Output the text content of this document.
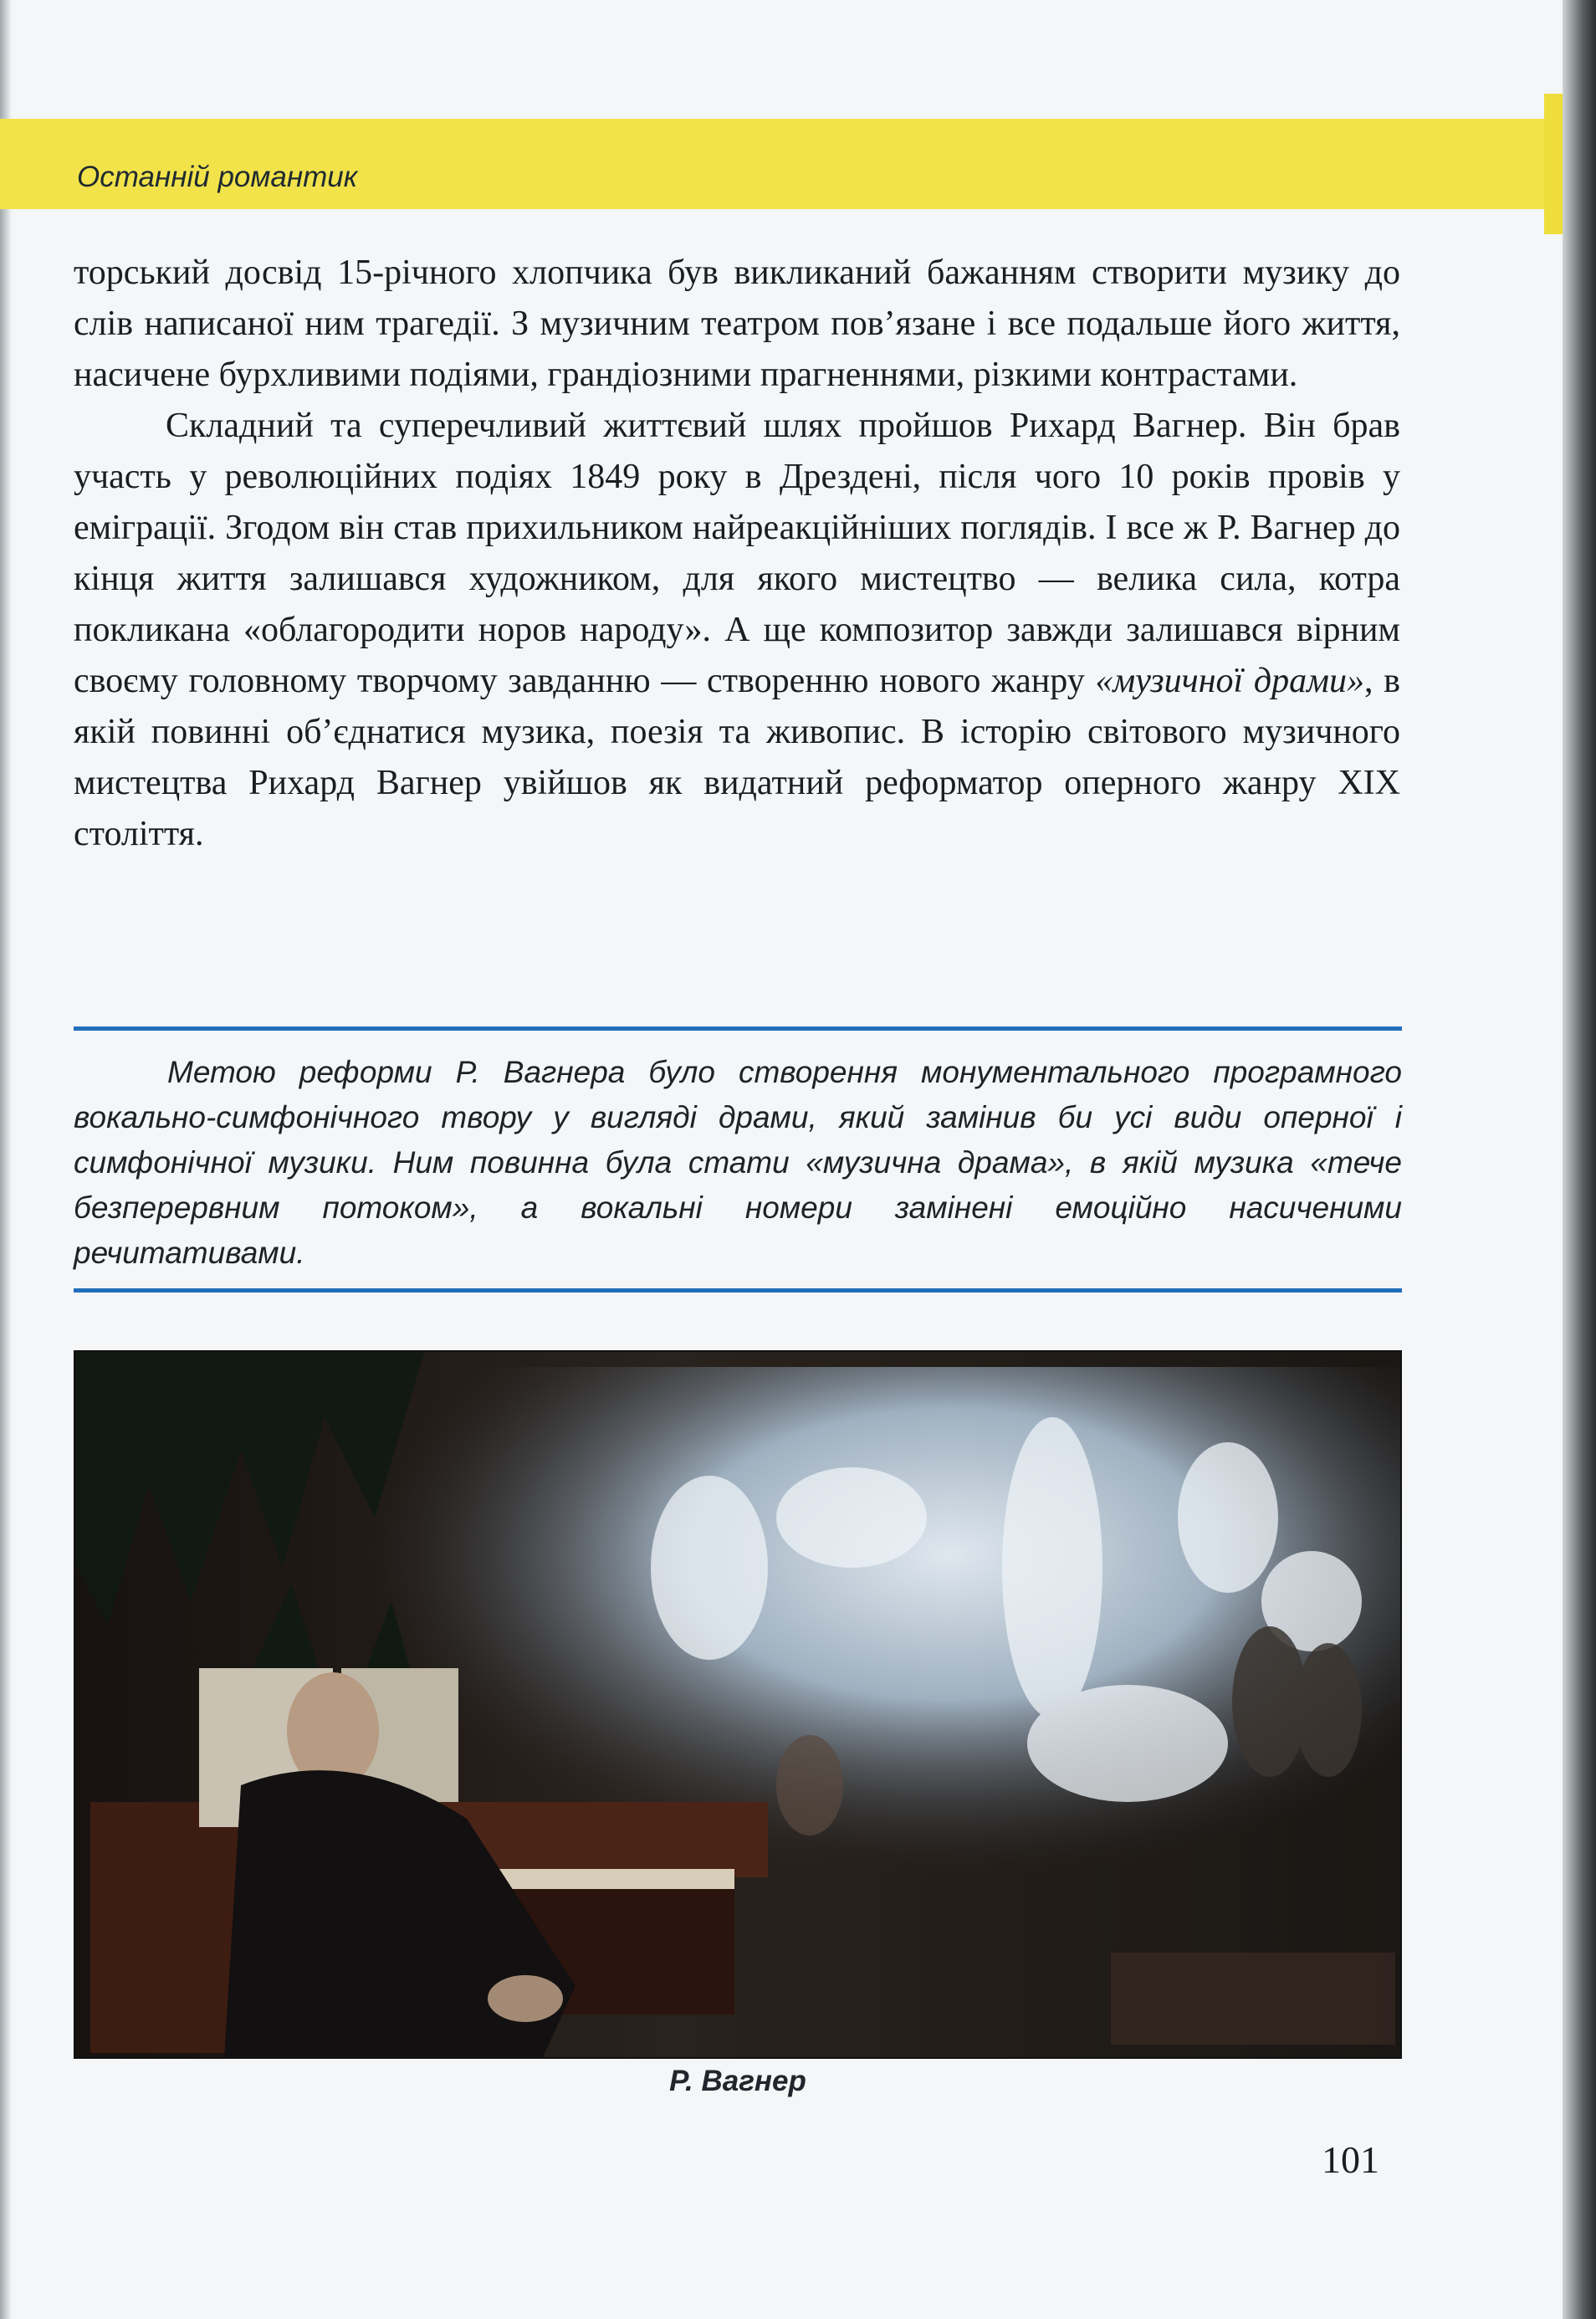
Останній романтик

торський досвід 15-річного хлопчика був викликаний бажанням створити музику до слів написаної ним трагедії. З музичним театром пов’язане і все подальше його життя, насичене бурхливими подіями, грандіозними прагненнями, різкими контрастами.

Складний та суперечливий життєвий шлях пройшов Рихард Вагнер. Він брав участь у революційних подіях 1849 року в Дрездені, після чого 10 років провів у еміграції. Згодом він став прихильником найреакційніших поглядів. І все ж Р. Вагнер до кінця життя залишався художником, для якого мистецтво — велика сила, котра покликана «облагородити норов народу». А ще композитор завжди залишався вірним своєму головному творчому завданню — створенню нового жанру «музичної драми», в якій повинні об’єднатися музика, поезія та живопис. В історію світового музичного мистецтва Рихард Вагнер увійшов як видатний реформатор оперного жанру XIX століття.

Метою реформи Р. Вагнера було створення монументального програмного вокально-симфонічного твору у вигляді драми, який замінив би усі види оперної і симфонічної музики. Ним повинна була стати «музична драма», в якій музика «тече безперервним потоком», а вокальні номери замінені емоційно насиченими речитативами.

Р. Вагнер
101
